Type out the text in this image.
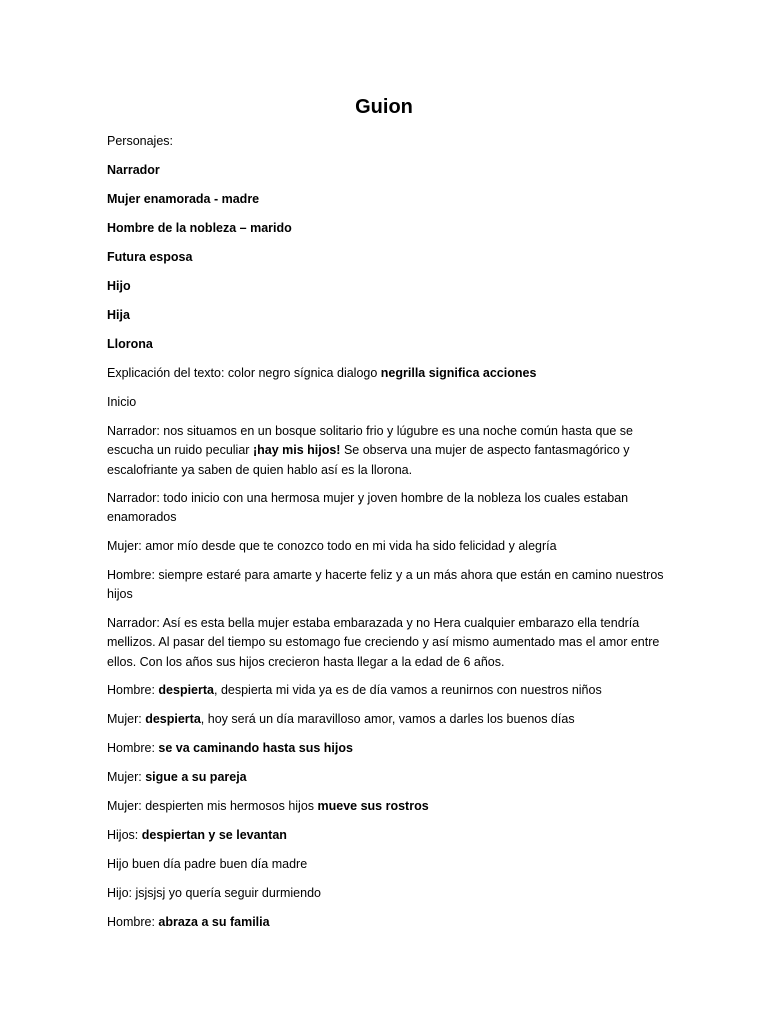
Guion
Personajes:
Narrador
Mujer enamorada - madre
Hombre de la nobleza – marido
Futura esposa
Hijo
Hija
Llorona
Explicación del texto: color negro sígnica dialogo negrilla significa acciones
Inicio
Narrador: nos situamos en un bosque solitario frio y lúgubre es una noche común hasta que se escucha un ruido peculiar ¡hay mis hijos! Se observa una mujer de aspecto fantasmagórico y escalofriante ya saben de quien hablo así es la llorona.
Narrador: todo inicio con una hermosa mujer y joven hombre de la nobleza los cuales estaban enamorados
Mujer: amor mío desde que te conozco todo en mi vida ha sido felicidad y alegría
Hombre: siempre estaré para amarte y hacerte feliz y a un más ahora que están en camino nuestros hijos
Narrador: Así es esta bella mujer estaba embarazada y no Hera cualquier embarazo ella tendría mellizos. Al pasar del tiempo su estomago fue creciendo y así mismo aumentado mas el amor entre ellos. Con los años sus hijos crecieron hasta llegar a la edad de 6 años.
Hombre: despierta, despierta mi vida ya es de día vamos a reunirnos con nuestros niños
Mujer: despierta, hoy será un día maravilloso amor, vamos a darles los buenos días
Hombre: se va caminando hasta sus hijos
Mujer: sigue a su pareja
Mujer: despierten mis hermosos hijos mueve sus rostros
Hijos: despiertan y se levantan
Hijo buen día padre buen día madre
Hijo: jsjsjsj yo quería seguir durmiendo
Hombre: abraza a su familia
